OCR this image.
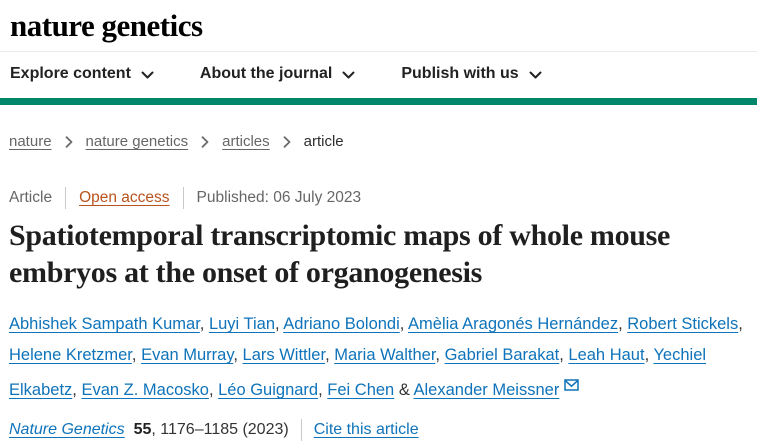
nature genetics
Explore content	About the journal	Publish with us
nature nature genetics articles article
Article Open access Published: 06 July 2023
Spatiotemporal transcriptomic maps of whole mouse embryos at the onset of organogenesis

Abhishek Sampath Kumar, Luyi Tian, Adriano Bolondi, Amèlia Aragonés Hernández, Robert Stickels, Helene Kretzmer, Evan Murray, Lars Wittler, Maria Walther, Gabriel Barakat, Leah Haut, Yechiel Elkabetz, Evan Z. Macosko, Léo Guignard, Fei Chen & Alexander Meissner

Nature Genetics 55 , 1176–1185 (2023) Cite this article
